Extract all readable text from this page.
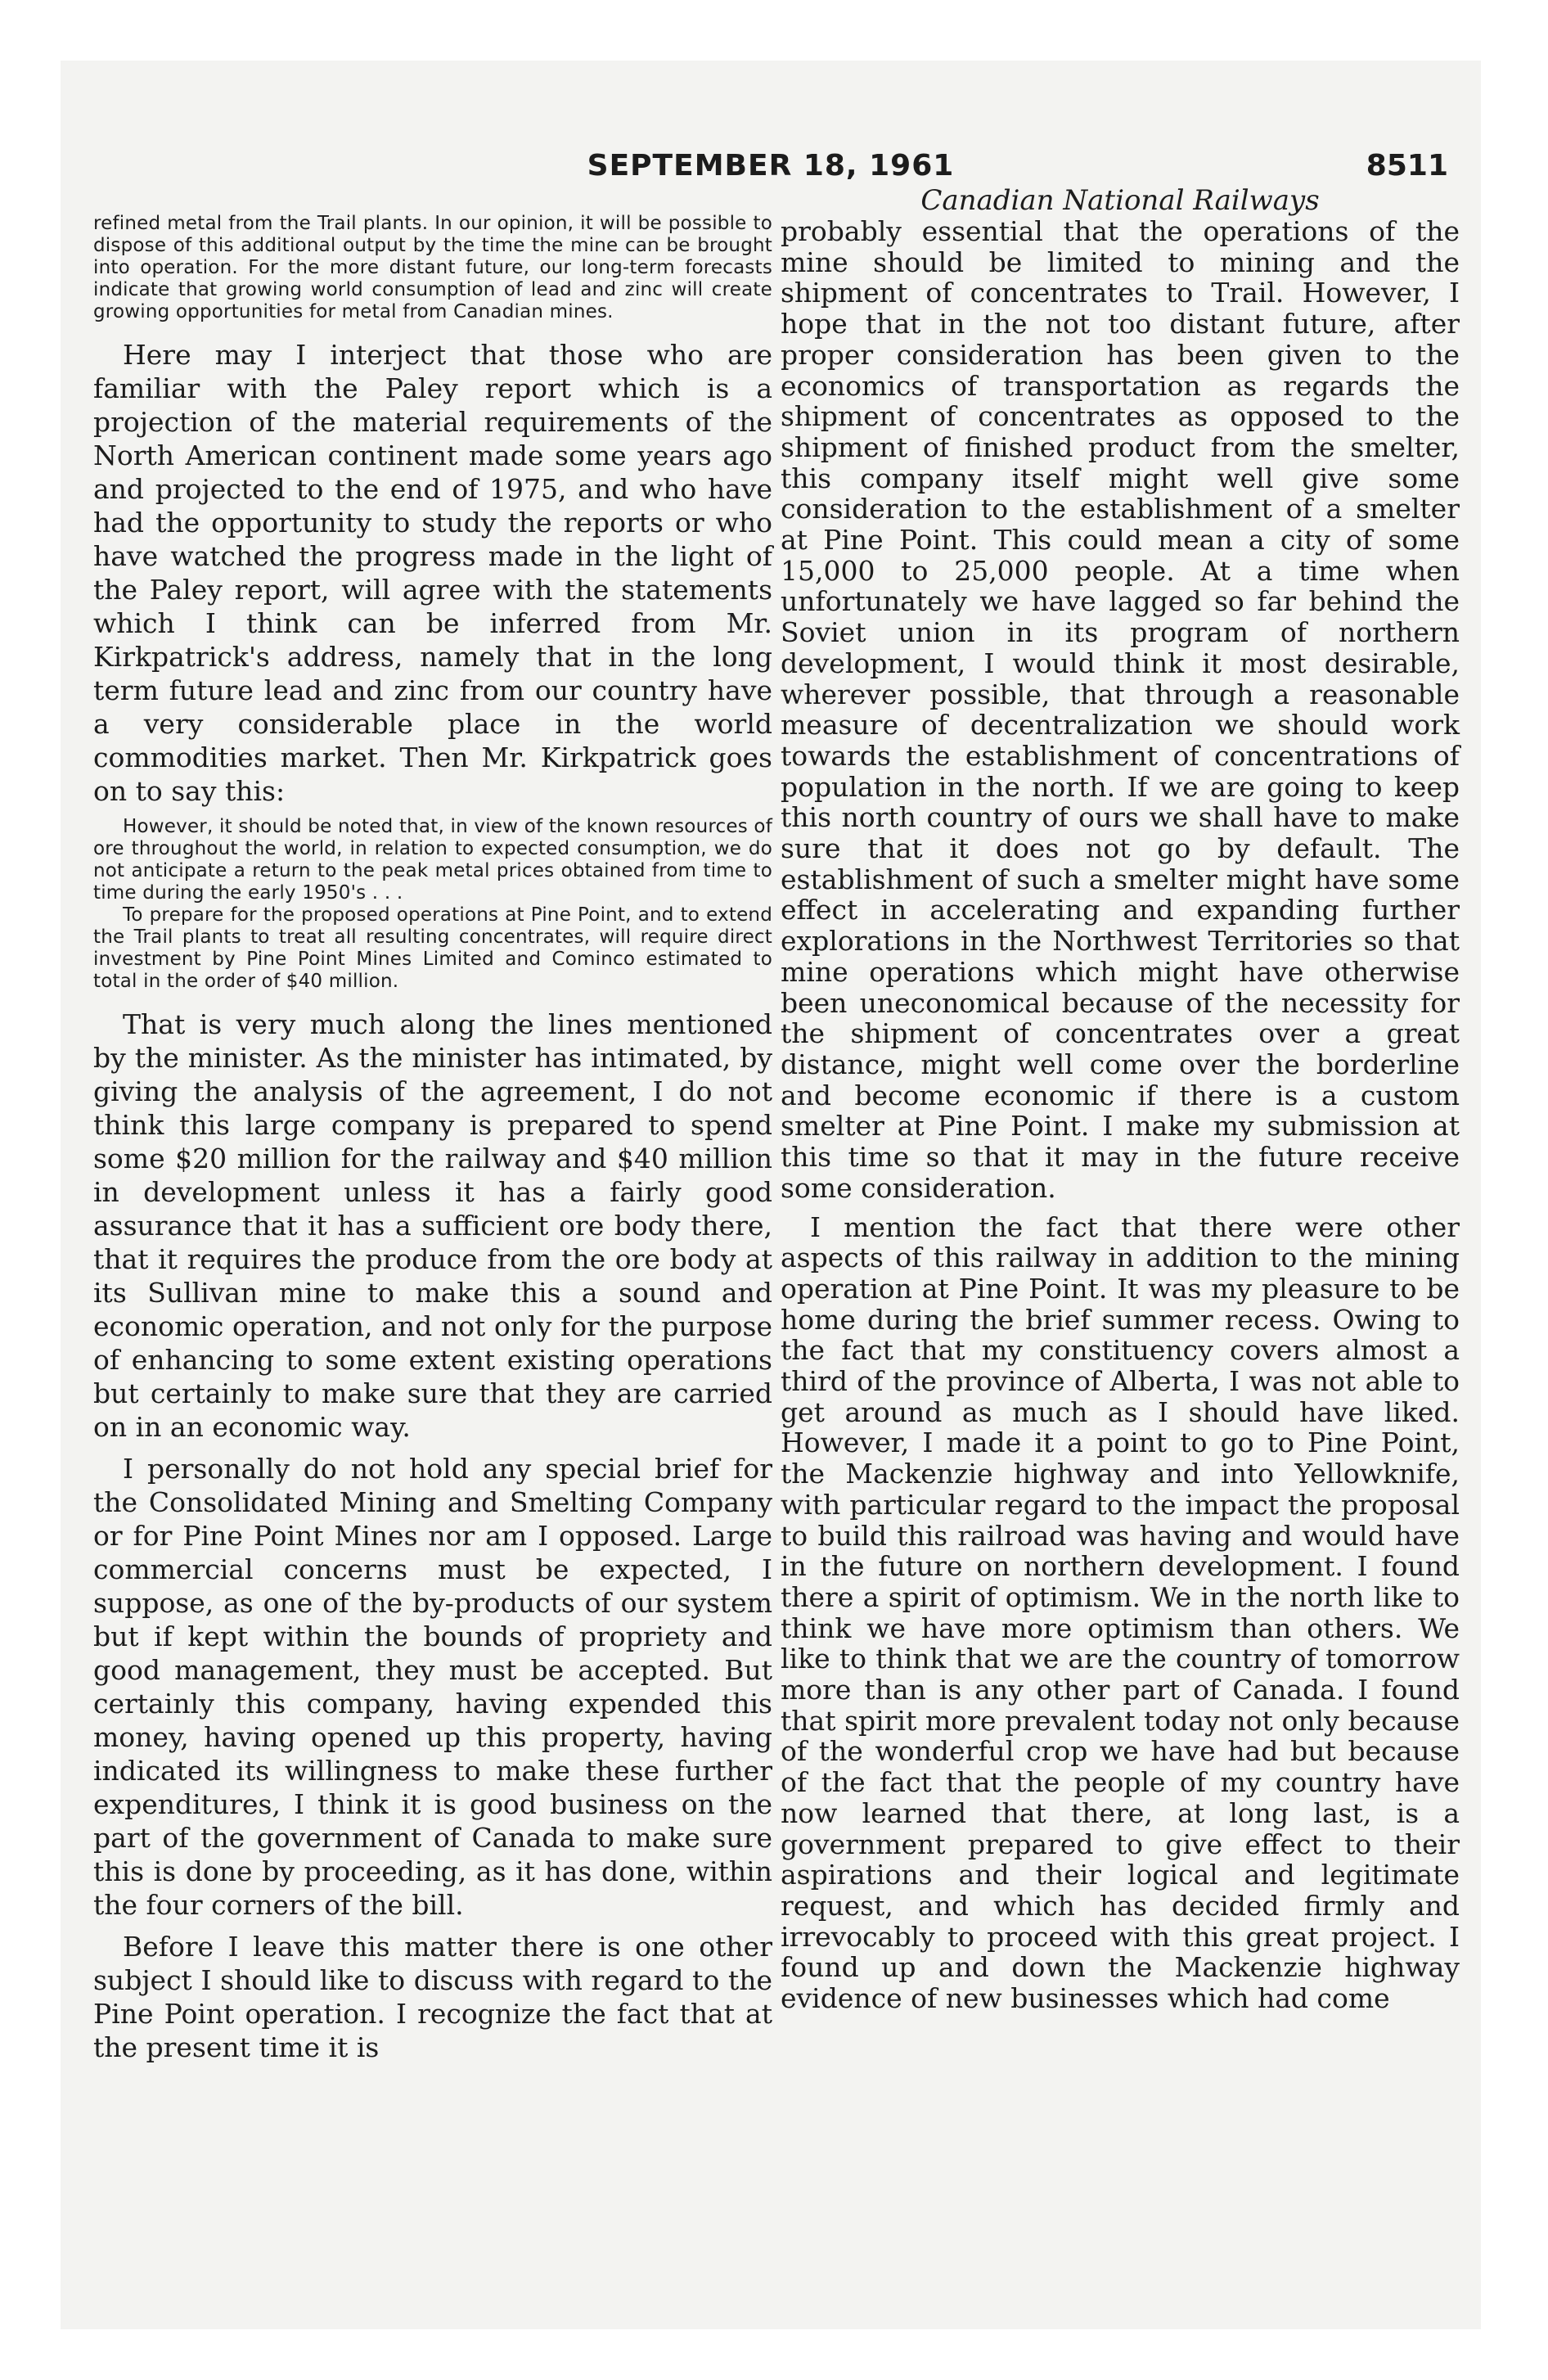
SEPTEMBER 18, 1961	8511

refined metal from the Trail plants. In our opinion, it will be possible to dispose of this additional output by the time the mine can be brought into operation. For the more distant future, our long-term forecasts indicate that growing world consumption of lead and zinc will create growing opportunities for metal from Canadian mines.

Here may I interject that those who are familiar with the Paley report which is a projection of the material requirements of the North American continent made some years ago and projected to the end of 1975, and who have had the opportunity to study the reports or who have watched the progress made in the light of the Paley report, will agree with the statements which I think can be inferred from Mr. Kirkpatrick's address, namely that in the long term future lead and zinc from our country have a very considerable place in the world commodities market. Then Mr. Kirkpatrick goes on to say this:

However, it should be noted that, in view of the known resources of ore throughout the world, in relation to expected consumption, we do not anticipate a return to the peak metal prices obtained from time to time during the early 1950's . . .

To prepare for the proposed operations at Pine Point, and to extend the Trail plants to treat all resulting concentrates, will require direct investment by Pine Point Mines Limited and Cominco estimated to total in the order of $40 million.

That is very much along the lines mentioned by the minister. As the minister has intimated, by giving the analysis of the agreement, I do not think this large company is prepared to spend some $20 million for the railway and $40 million in development unless it has a fairly good assurance that it has a sufficient ore body there, that it requires the produce from the ore body at its Sullivan mine to make this a sound and economic operation, and not only for the purpose of enhancing to some extent existing operations but certainly to make sure that they are carried on in an economic way.

I personally do not hold any special brief for the Consolidated Mining and Smelting Company or for Pine Point Mines nor am I opposed. Large commercial concerns must be expected, I suppose, as one of the by-products of our system but if kept within the bounds of propriety and good management, they must be accepted. But certainly this company, having expended this money, having opened up this property, having indicated its willingness to make these further expenditures, I think it is good business on the part of the government of Canada to make sure this is done by proceeding, as it has done, within the four corners of the bill.

Before I leave this matter there is one other subject I should like to discuss with regard to the Pine Point operation. I recognize the fact that at the present time it is

Canadian National Railways

probably essential that the operations of the mine should be limited to mining and the shipment of concentrates to Trail. However, I hope that in the not too distant future, after proper consideration has been given to the economics of transportation as regards the shipment of concentrates as opposed to the shipment of finished product from the smelter, this company itself might well give some consideration to the establishment of a smelter at Pine Point. This could mean a city of some 15,000 to 25,000 people. At a time when unfortunately we have lagged so far behind the Soviet union in its program of northern development, I would think it most desirable, wherever possible, that through a reasonable measure of decentralization we should work towards the establishment of concentrations of population in the north. If we are going to keep this north country of ours we shall have to make sure that it does not go by default. The establishment of such a smelter might have some effect in accelerating and expanding further explorations in the Northwest Territories so that mine operations which might have otherwise been uneconomical because of the necessity for the shipment of concentrates over a great distance, might well come over the borderline and become economic if there is a custom smelter at Pine Point. I make my submission at this time so that it may in the future receive some consideration.

I mention the fact that there were other aspects of this railway in addition to the mining operation at Pine Point. It was my pleasure to be home during the brief summer recess. Owing to the fact that my constituency covers almost a third of the province of Alberta, I was not able to get around as much as I should have liked. However, I made it a point to go to Pine Point, the Mackenzie highway and into Yellowknife, with particular regard to the impact the proposal to build this railroad was having and would have in the future on northern development. I found there a spirit of optimism. We in the north like to think we have more optimism than others. We like to think that we are the country of tomorrow more than is any other part of Canada. I found that spirit more prevalent today not only because of the wonderful crop we have had but because of the fact that the people of my country have now learned that there, at long last, is a government prepared to give effect to their aspirations and their logical and legitimate request, and which has decided firmly and irrevocably to proceed with this great project. I found up and down the Mackenzie highway evidence of new businesses which had come
